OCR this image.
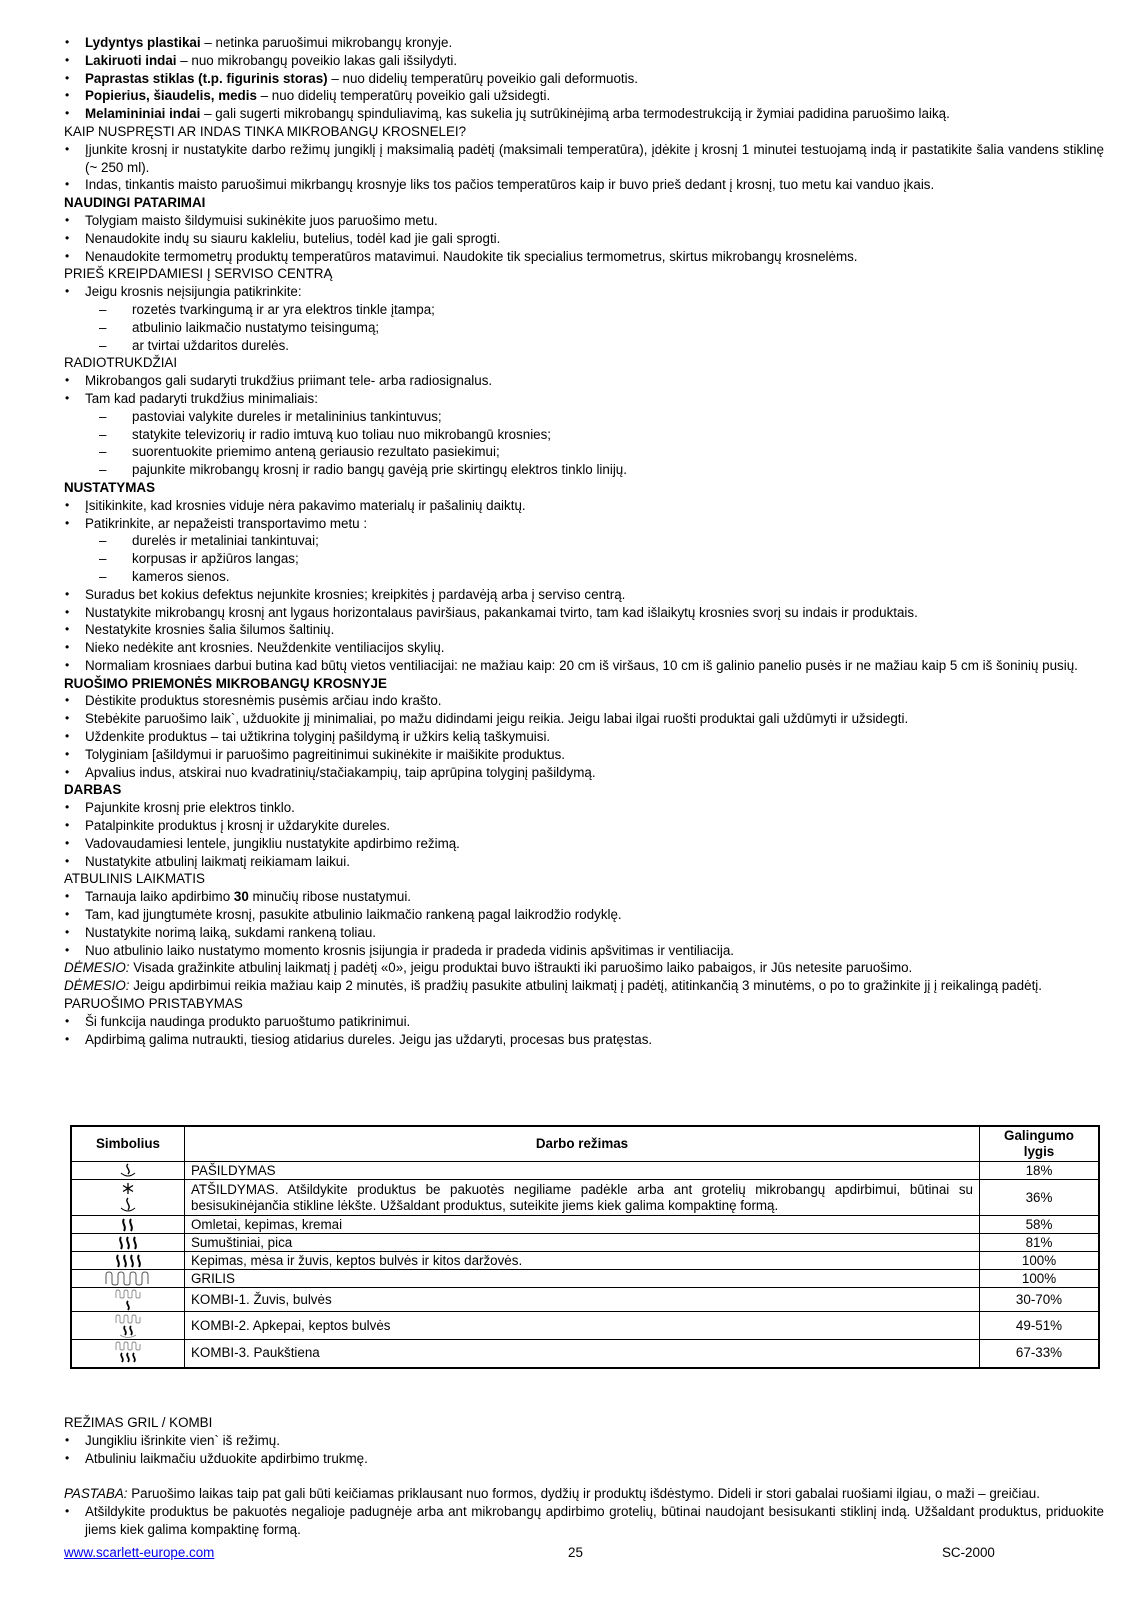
• Lydyntys plastikai – netinka paruošimui mikrobangų kronyje.

• Lakiruoti indai – nuo mikrobangų poveikio lakas gali išsilydyti.

• Paprastas stiklas (t.p. figurinis storas) – nuo didelių temperatūrų poveikio gali deformuotis.

• Popierius, šiaudelis, medis – nuo didelių temperatūrų poveikio gali užsidegti.

• Melamininiai indai – gali sugerti mikrobangų spinduliavimą, kas sukelia jų sutrūkinėjimą arba termodestrukciją ir žymiai padidina paruošimo laiką.

KAIP NUSPRĘSTI AR INDAS TINKA MIKROBANGŲ KROSNELEI?

• Įjunkite krosnį ir nustatykite darbo režimų jungiklį į maksimalią padėtį (maksimali temperatūra), įdėkite į krosnį 1 minutei testuojamą indą ir pastatikite šalia vandens stiklinę (~ 250 ml).

• Indas, tinkantis maisto paruošimui mikrbangų krosnyje liks tos pačios temperatūros kaip ir buvo prieš dedant į krosnį, tuo metu kai vanduo įkais.

NAUDINGI PATARIMAI

• Tolygiam maisto šildymuisi sukinėkite juos paruošimo metu.

• Nenaudokite indų su siauru kakleliu, butelius, todėl kad jie gali sprogti.

• Nenaudokite termometrų produktų temperatūros matavimui. Naudokite tik specialius termometrus, skirtus mikrobangų krosnelėms.

PRIEŠ KREIPDAMIESI Į SERVISO CENTRĄ

• Jeigu krosnis neįsijungia patikrinkite:

– rozetės tvarkingumą ir ar yra elektros tinkle įtampa;

– atbulinio laikmačio nustatymo teisingumą;

– ar tvirtai uždaritos durelės.

RADIOTRUKDŽIAI

• Mikrobangos gali sudaryti trukdžius priimant tele- arba radiosignalus.

• Tam kad padaryti trukdžius minimaliais:

– pastoviai valykite dureles ir metalininius tankintuvus;

– statykite televizorių ir radio imtuvą kuo toliau nuo mikrobangū krosnies;

– suorentuokite priemimo anteną geriausio rezultato pasiekimui;

– pajunkite mikrobangų krosnį ir radio bangų gavėją prie skirtingų elektros tinklo linijų.

NUSTATYMAS

• Įsitikinkite, kad krosnies viduje nėra pakavimo materialų ir pašalinių daiktų.

• Patikrinkite, ar nepažeisti transportavimo metu :

– durelės ir metaliniai tankintuvai;

– korpusas ir apžiūros langas;

– kameros sienos.

• Suradus bet kokius defektus nejunkite krosnies; kreipkitės į pardavėją arba į serviso centrą.

• Nustatykite mikrobangų krosnį ant lygaus horizontalaus paviršiaus, pakankamai tvirto, tam kad išlaikytų krosnies svorį su indais ir produktais.

• Nestatykite krosnies šalia šilumos šaltinių.

• Nieko nedėkite ant krosnies. Neuždenkite ventiliacijos skylių.

• Normaliam krosniaes darbui butina kad būtų vietos ventiliacijai: ne mažiau kaip: 20 cm iš viršaus, 10 cm iš galinio panelio pusės ir ne mažiau kaip 5 cm iš šoninių pusių.

RUOŠIMO PRIEMONĖS MIKROBANGŲ KROSNYJE

• Dėstikite produktus storesnėmis pusėmis arčiau indo krašto.

• Stebėkite paruošimo laik`, užduokite jį minimaliai, po mažu didindami jeigu reikia. Jeigu labai ilgai ruošti produktai gali uždūmyti ir užsidegti.

• Uždenkite produktus – tai užtikrina tolyginį pašildymą ir užkirs kelią taškymuisi.

• Tolyginiam [ašildymui ir paruošimo pagreitinimui sukinėkite ir maišikite produktus.

• Apvalius indus, atskirai nuo kvadratinių/stačiakampių, taip aprūpina tolyginį pašildymą.

DARBAS

• Pajunkite krosnį prie elektros tinklo.

• Patalpinkite produktus į krosnį ir uždarykite dureles.

• Vadovaudamiesi lentele, jungikliu nustatykite apdirbimo režimą.

• Nustatykite atbulinį laikmatį reikiamam laikui.

ATBULINIS LAIKMATIS

• Tarnauja laiko apdirbimo 30 minučių ribose nustatymui.

• Tam, kad įjungtumėte krosnį, pasukite atbulinio laikmačio rankeną pagal laikrodžio rodyklę.

• Nustatykite norimą laiką, sukdami rankeną toliau.

• Nuo atbulinio laiko nustatymo momento krosnis įsijungia ir pradeda ir pradeda vidinis apšvitimas ir ventiliacija.

DĖMESIO: Visada gražinkite atbulinį laikmatį į padėtį «0», jeigu produktai buvo ištraukti iki paruošimo laiko pabaigos, ir Jūs netesite paruošimo.

DĖMESIO: Jeigu apdirbimui reikia mažiau kaip 2 minutės, iš pradžių pasukite atbulinį laikmatį į padėtį, atitinkančią 3 minutėms, o po to gražinkite jį į reikalingą padėtį.

PARUOŠIMO PRISTABYMAS

• Ši funkcija naudinga produkto paruoštumo patikrinimui.

• Apdirbimą galima nutraukti, tiesiog atidarius dureles. Jeigu jas uždaryti, procesas bus pratęstas.

Simbolius	Darbo režimas	Galingumo
lygis

	PAŠILDYMAS	18%

	ATŠILDYMAS. Atšildykite produktus be pakuotės negiliame padėkle arba ant grotelių mikrobangų apdirbimui, būtinai su besisukinėjančia stikline lėkšte. Užšaldant produktus, suteikite jiems kiek galima kompaktinę formą.	36%

	Omletai, kepimas, kremai	58%

	Sumuštiniai, pica	81%

	Kepimas, mėsa ir žuvis, keptos bulvės ir kitos daržovės.	100%

	GRILIS	100%

	KOMBI-1. Žuvis, bulvės	30-70%

	KOMBI-2. Apkepai, keptos bulvės	49-51%

	KOMBI-3. Paukštiena	67-33%

REŽIMAS GRIL / KOMBI

• Jungikliu išrinkite vien` iš režimų.

• Atbuliniu laikmačiu užduokite apdirbimo trukmę.

PASTABA: Paruošimo laikas taip pat gali būti keičiamas priklausant nuo formos, dydžių ir produktų išdėstymo. Dideli ir stori gabalai ruošiami ilgiau, o maži – greičiau.

• Atšildykite produktus be pakuotės negalioje padugnėje arba ant mikrobangų apdirbimo grotelių, būtinai naudojant besisukanti stiklinį indą. Užšaldant produktus, priduokite jiems kiek galima kompaktinę formą.

www.scarlett-europe.com	25	SC-2000
